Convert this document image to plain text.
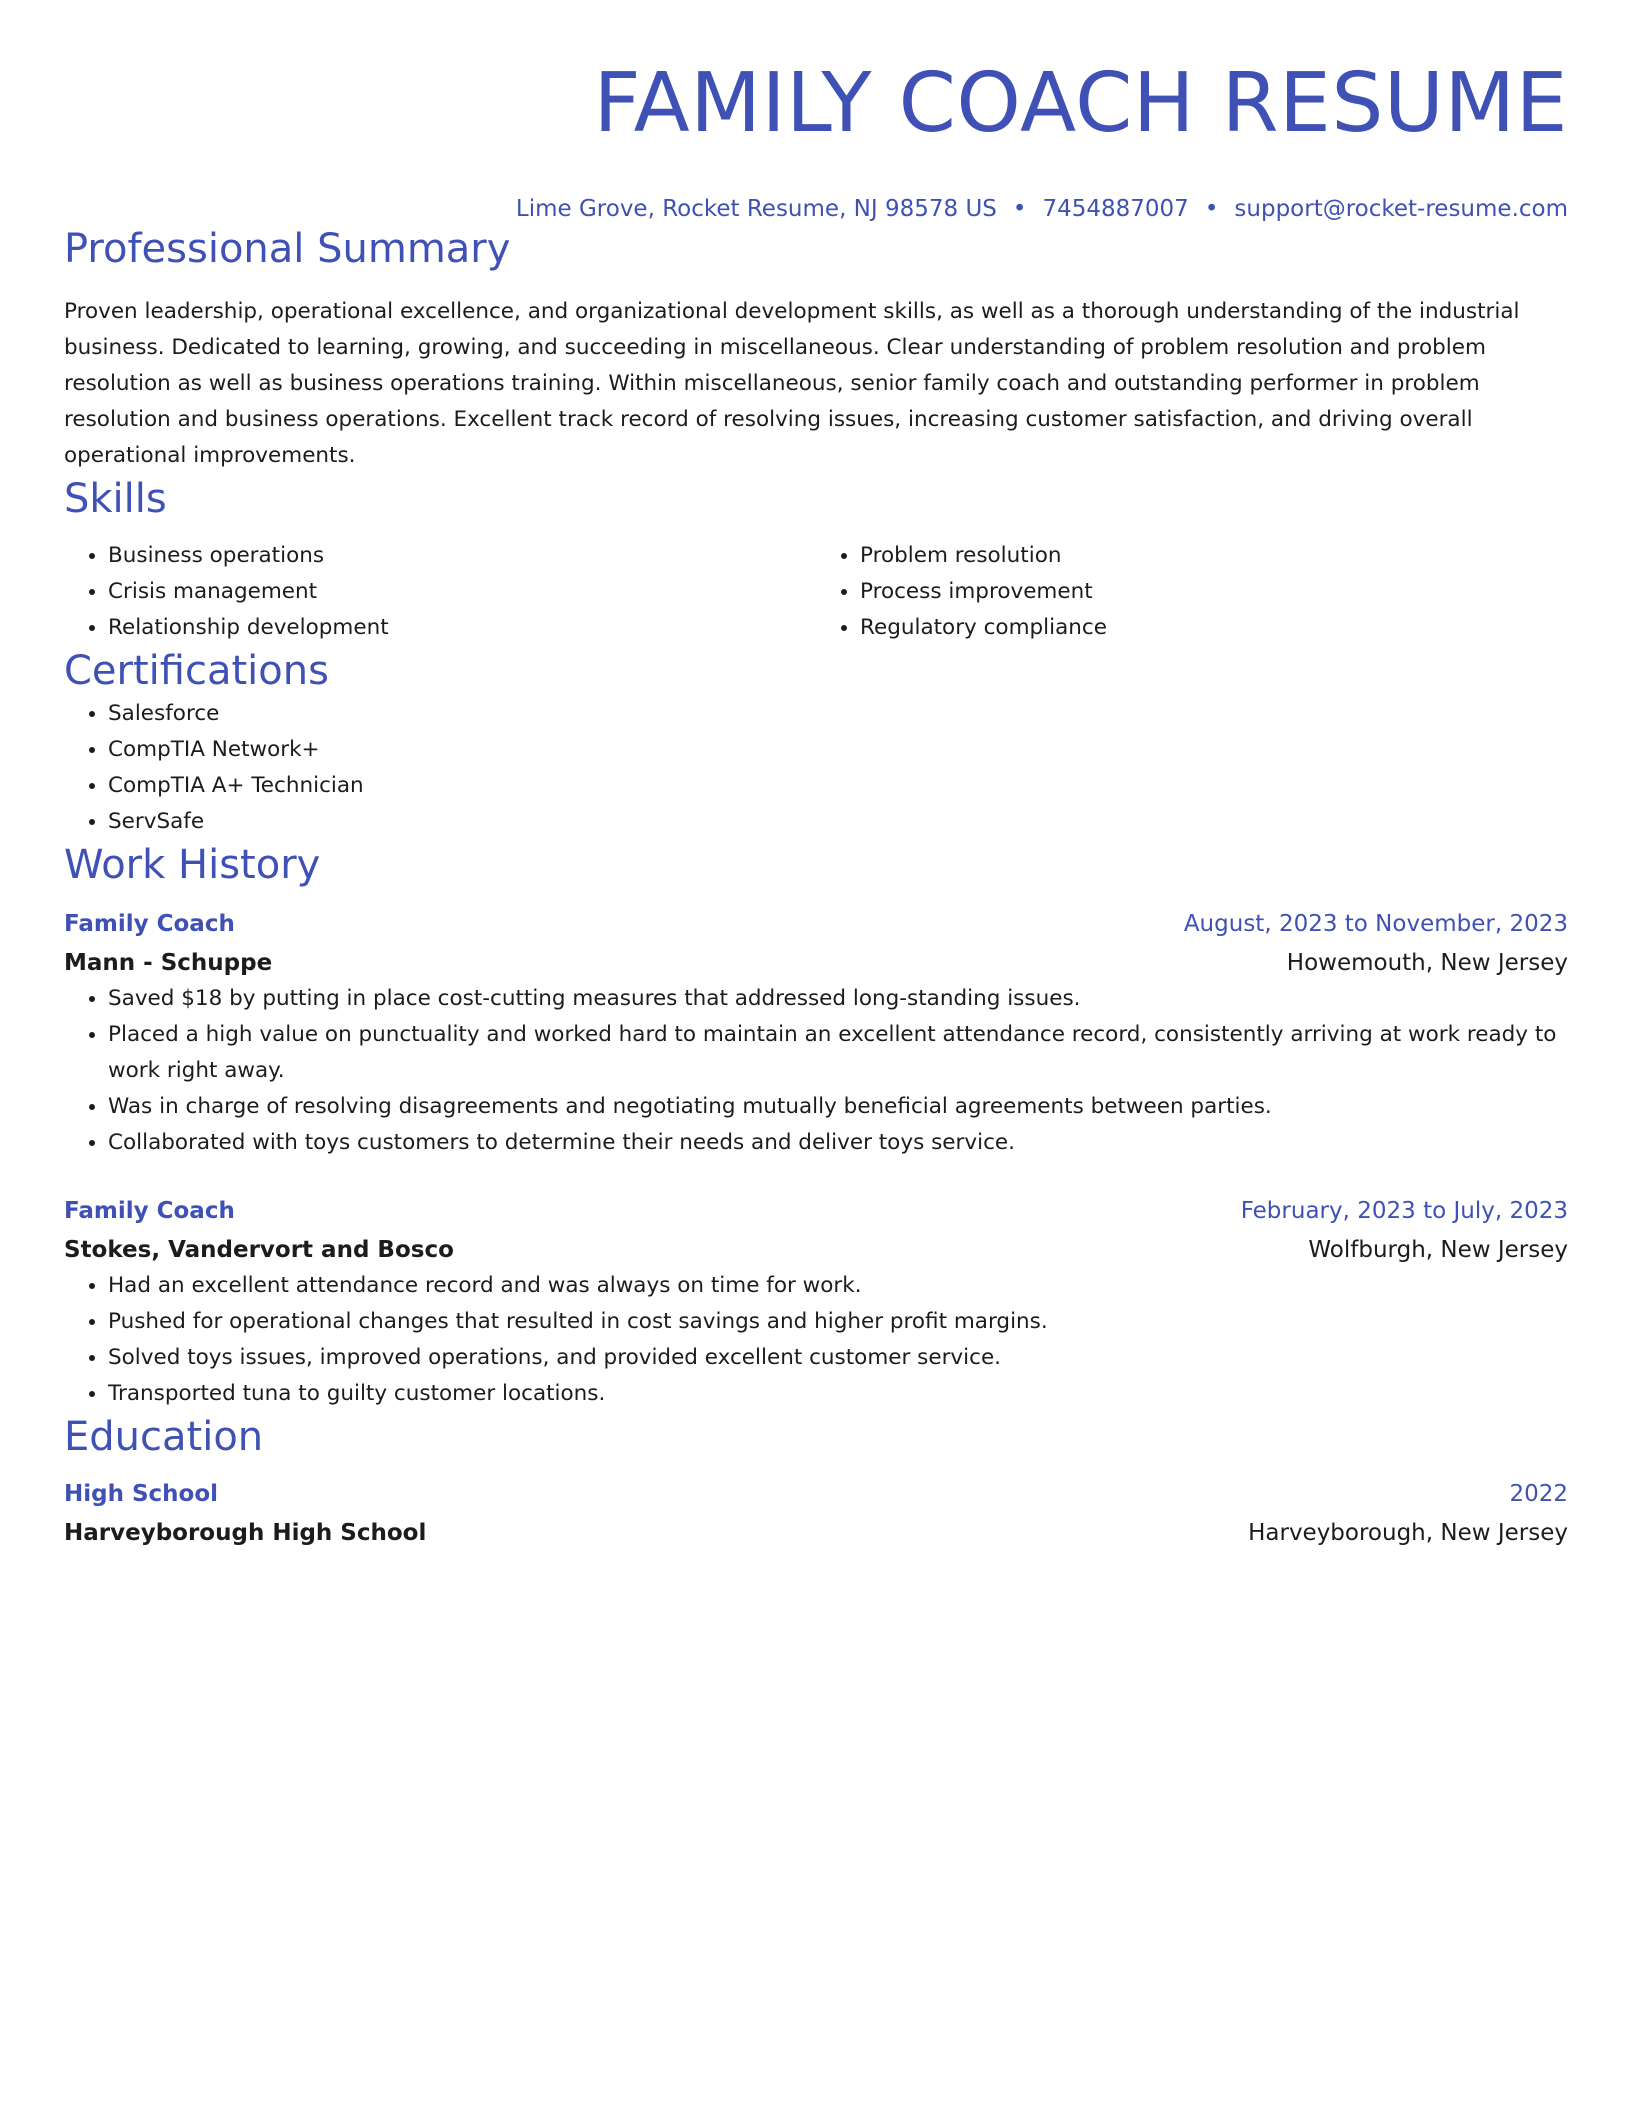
FAMILY COACH RESUME
Lime Grove, Rocket Resume, NJ 98578 US • 7454887007 • support@rocket-resume.com
Professional Summary
Proven leadership, operational excellence, and organizational development skills, as well as a thorough understanding of the industrial business. Dedicated to learning, growing, and succeeding in miscellaneous. Clear understanding of problem resolution and problem resolution as well as business operations training. Within miscellaneous, senior family coach and outstanding performer in problem resolution and business operations. Excellent track record of resolving issues, increasing customer satisfaction, and driving overall operational improvements.
Skills
• Business operations
• Crisis management
• Relationship development
• Problem resolution
• Process improvement
• Regulatory compliance
Certifications
• Salesforce
• CompTIA Network+
• CompTIA A+ Technician
• ServSafe
Work History
Family Coach	August, 2023 to November, 2023
Mann - Schuppe	Howemouth, New Jersey
• Saved $18 by putting in place cost-cutting measures that addressed long-standing issues.
• Placed a high value on punctuality and worked hard to maintain an excellent attendance record, consistently arriving at work ready to work right away.
• Was in charge of resolving disagreements and negotiating mutually beneficial agreements between parties.
• Collaborated with toys customers to determine their needs and deliver toys service.
Family Coach	February, 2023 to July, 2023
Stokes, Vandervort and Bosco	Wolfburgh, New Jersey
• Had an excellent attendance record and was always on time for work.
• Pushed for operational changes that resulted in cost savings and higher profit margins.
• Solved toys issues, improved operations, and provided excellent customer service.
• Transported tuna to guilty customer locations.
Education
High School	2022
Harveyborough High School	Harveyborough, New Jersey
